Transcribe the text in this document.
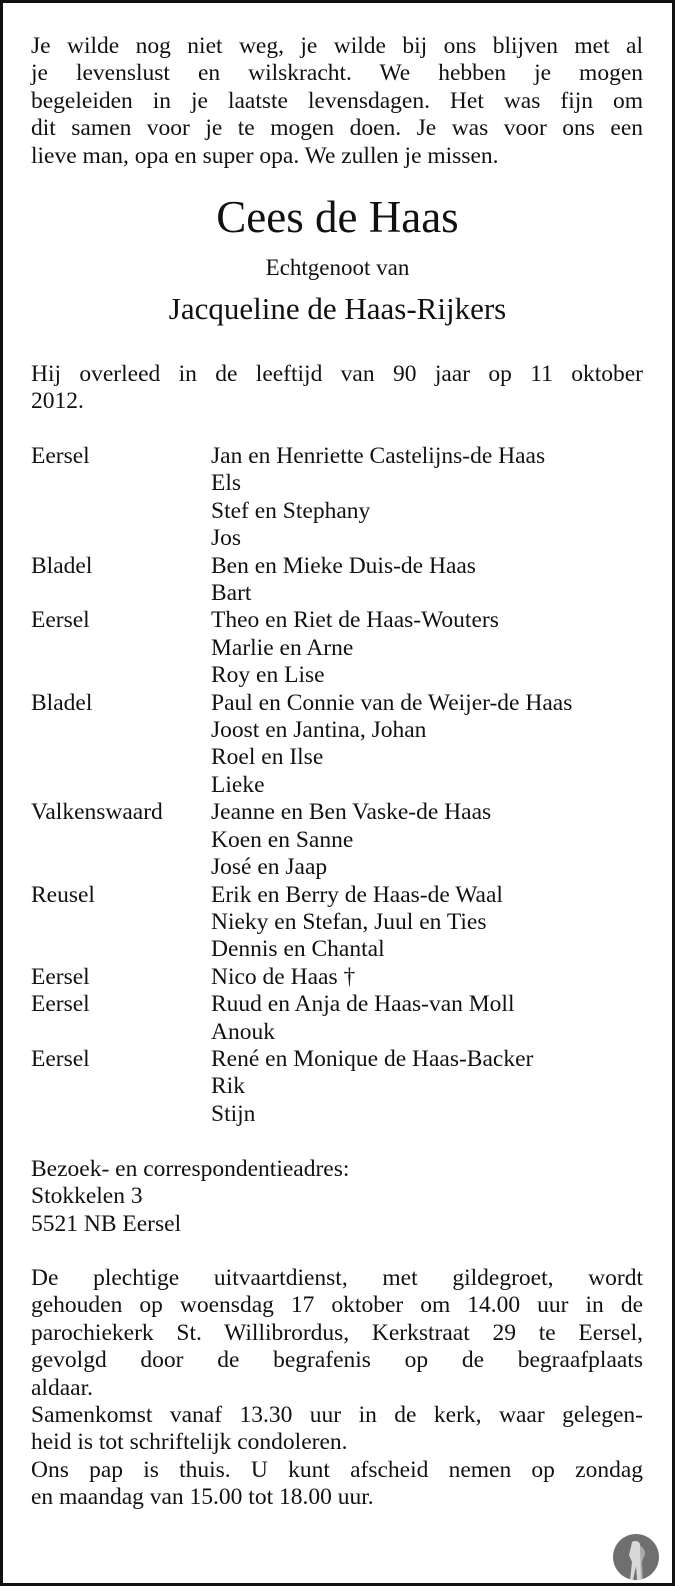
Je wilde nog niet weg, je wilde bij ons blijven met al
je levenslust en wilskracht. We hebben je mogen
begeleiden in je laatste levensdagen. Het was fijn om
dit samen voor je te mogen doen. Je was voor ons een
lieve man, opa en super opa. We zullen je missen.
Cees de Haas
Echtgenoot van
Jacqueline de Haas-Rijkers
Hij overleed in de leeftijd van 90 jaar op 11 oktober
2012.
Eersel	Jan en Henriette Castelijns-de Haas
Els
Stef en Stephany
Jos
Bladel	Ben en Mieke Duis-de Haas
Bart
Eersel	Theo en Riet de Haas-Wouters
Marlie en Arne
Roy en Lise
Bladel	Paul en Connie van de Weijer-de Haas
Joost en Jantina, Johan
Roel en Ilse
Lieke
Valkenswaard	Jeanne en Ben Vaske-de Haas
Koen en Sanne
José en Jaap
Reusel	Erik en Berry de Haas-de Waal
Nieky en Stefan, Juul en Ties
Dennis en Chantal
Eersel	Nico de Haas †
Eersel	Ruud en Anja de Haas-van Moll
Anouk
Eersel	René en Monique de Haas-Backer
Rik
Stijn
Bezoek- en correspondentieadres:
Stokkelen 3
5521 NB Eersel
De plechtige uitvaartdienst, met gildegroet, wordt
gehouden op woensdag 17 oktober om 14.00 uur in de
parochiekerk St. Willibrordus, Kerkstraat 29 te Eersel,
gevolgd door de begrafenis op de begraafplaats
aldaar.
Samenkomst vanaf 13.30 uur in de kerk, waar gelegen-
heid is tot schriftelijk condoleren.
Ons pap is thuis. U kunt afscheid nemen op zondag
en maandag van 15.00 tot 18.00 uur.
